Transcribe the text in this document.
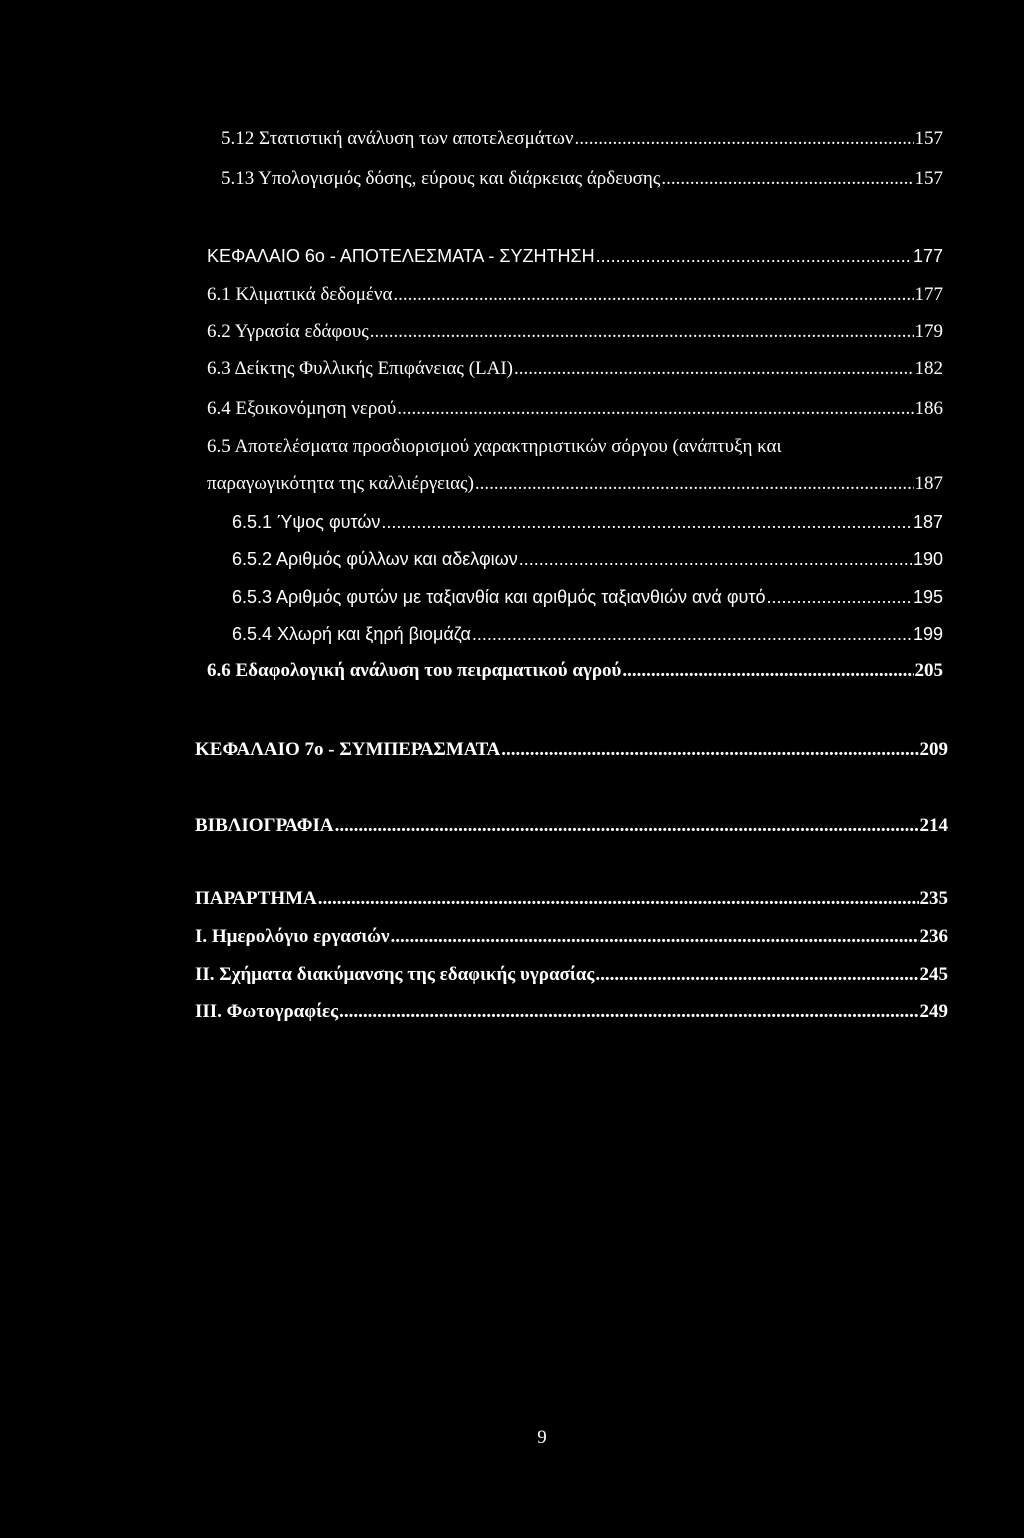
5.12 Στατιστική ανάλυση των αποτελεσμάτων .....	157
5.13 Υπολογισμός δόσης, εύρους και διάρκειας άρδευσης .....	157
ΚΕΦΑΛΑΙΟ 6ο - ΑΠΟΤΕΛΕΣΜΑΤΑ - ΣΥΖΗΤΗΣΗ .....	177
6.1 Κλιματικά δεδομένα .....	177
6.2 Υγρασία εδάφους .....	179
6.3 Δείκτης Φυλλικής Επιφάνειας (LAI) .....	182
6.4 Εξοικονόμηση νερού .....	186
6.5 Αποτελέσματα προσδιορισμού χαρακτηριστικών σόργου (ανάπτυξη και
παραγωγικότητα της καλλιέργειας) .....	187
6.5.1 Ύψος φυτών .....	187
6.5.2 Αριθμός φύλλων και αδελφιων .....	190
6.5.3 Αριθμός φυτών με ταξιανθία και αριθμός ταξιανθιών ανά φυτό .....	195
6.5.4 Χλωρή και ξηρή βιομάζα .....	199
6.6 Εδαφολογική ανάλυση του πειραματικού αγρού .....	205
ΚΕΦΑΛΑΙΟ 7ο - ΣΥΜΠΕΡΑΣΜΑΤΑ .....	209
ΒΙΒΛΙΟΓΡΑΦΙΑ .....	214
ΠΑΡΑΡΤΗΜΑ .....	235
I. Ημερολόγιο εργασιών .....	236
II. Σχήματα διακύμανσης της εδαφικής υγρασίας .....	245
III. Φωτογραφίες .....	249
9
